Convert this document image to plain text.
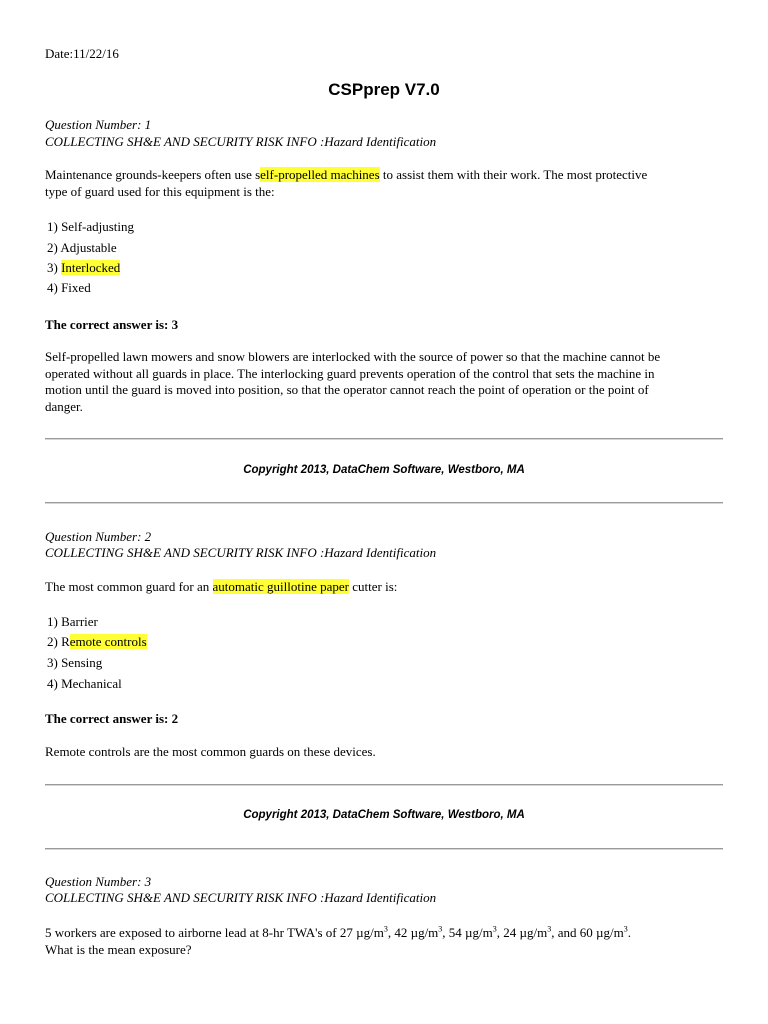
Date:11/22/16
CSPprep V7.0
Question Number: 1
COLLECTING SH&E AND SECURITY RISK INFO :Hazard Identification
Maintenance grounds-keepers often use self-propelled machines to assist them with their work. The most protective
type of guard used for this equipment is the:
1) Self-adjusting
2) Adjustable
3) Interlocked
4) Fixed
The correct answer is: 3
Self-propelled lawn mowers and snow blowers are interlocked with the source of power so that the machine cannot be
operated without all guards in place. The interlocking guard prevents operation of the control that sets the machine in
motion until the guard is moved into position, so that the operator cannot reach the point of operation or the point of
danger.
Copyright 2013, DataChem Software, Westboro, MA
Question Number: 2
COLLECTING SH&E AND SECURITY RISK INFO :Hazard Identification
The most common guard for an automatic guillotine paper cutter is:
1) Barrier
2) Remote controls
3) Sensing
4) Mechanical
The correct answer is: 2
Remote controls are the most common guards on these devices.
Copyright 2013, DataChem Software, Westboro, MA
Question Number: 3
COLLECTING SH&E AND SECURITY RISK INFO :Hazard Identification
5 workers are exposed to airborne lead at 8-hr TWA's of 27 $\mu g/m^3$, 42 $\mu g/m^3$, 54 $\mu g/m^3$, 24 $\mu g/m^3$, and 60 $\mu g/m^3$.
What is the mean exposure?
